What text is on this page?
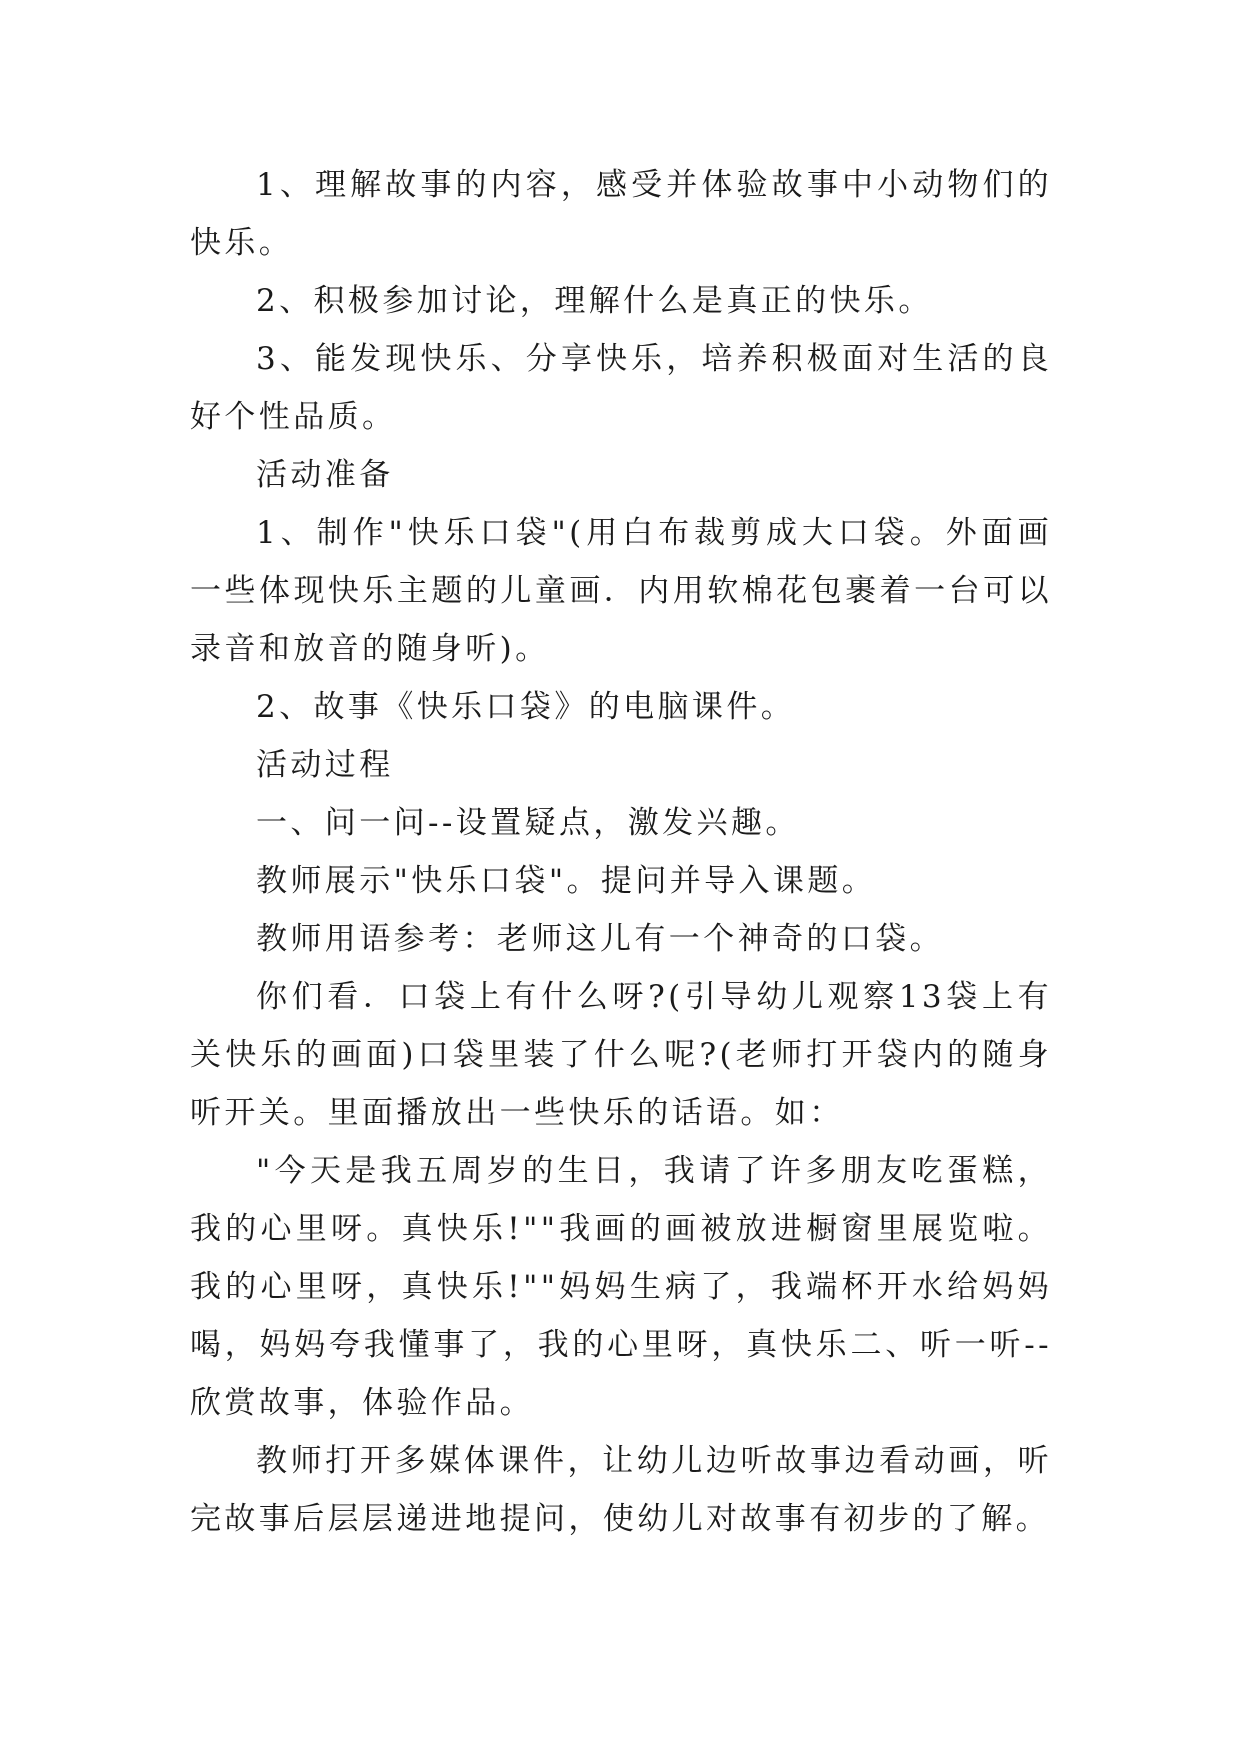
1、理解故事的内容，感受并体验故事中小动物们的快乐。

2、积极参加讨论，理解什么是真正的快乐。

3、能发现快乐、分享快乐，培养积极面对生活的良好个性品质。

活动准备

1、制作"快乐口袋"(用白布裁剪成大口袋。外面画一些体现快乐主题的儿童画．内用软棉花包裹着一台可以录音和放音的随身听)。

2、故事《快乐口袋》的电脑课件。

活动过程

一、问一问--设置疑点，激发兴趣。

教师展示"快乐口袋"。提问并导入课题。

教师用语参考：老师这儿有一个神奇的口袋。

你们看．口袋上有什么呀?(引导幼儿观察13袋上有关快乐的画面)口袋里装了什么呢?(老师打开袋内的随身听开关。里面播放出一些快乐的话语。如：

"今天是我五周岁的生日，我请了许多朋友吃蛋糕，我的心里呀。真快乐!""我画的画被放进橱窗里展览啦。我的心里呀，真快乐!""妈妈生病了，我端杯开水给妈妈喝，妈妈夸我懂事了，我的心里呀，真快乐二、听一听--欣赏故事，体验作品。

教师打开多媒体课件，让幼儿边听故事边看动画，听完故事后层层递进地提问，使幼儿对故事有初步的了解。
